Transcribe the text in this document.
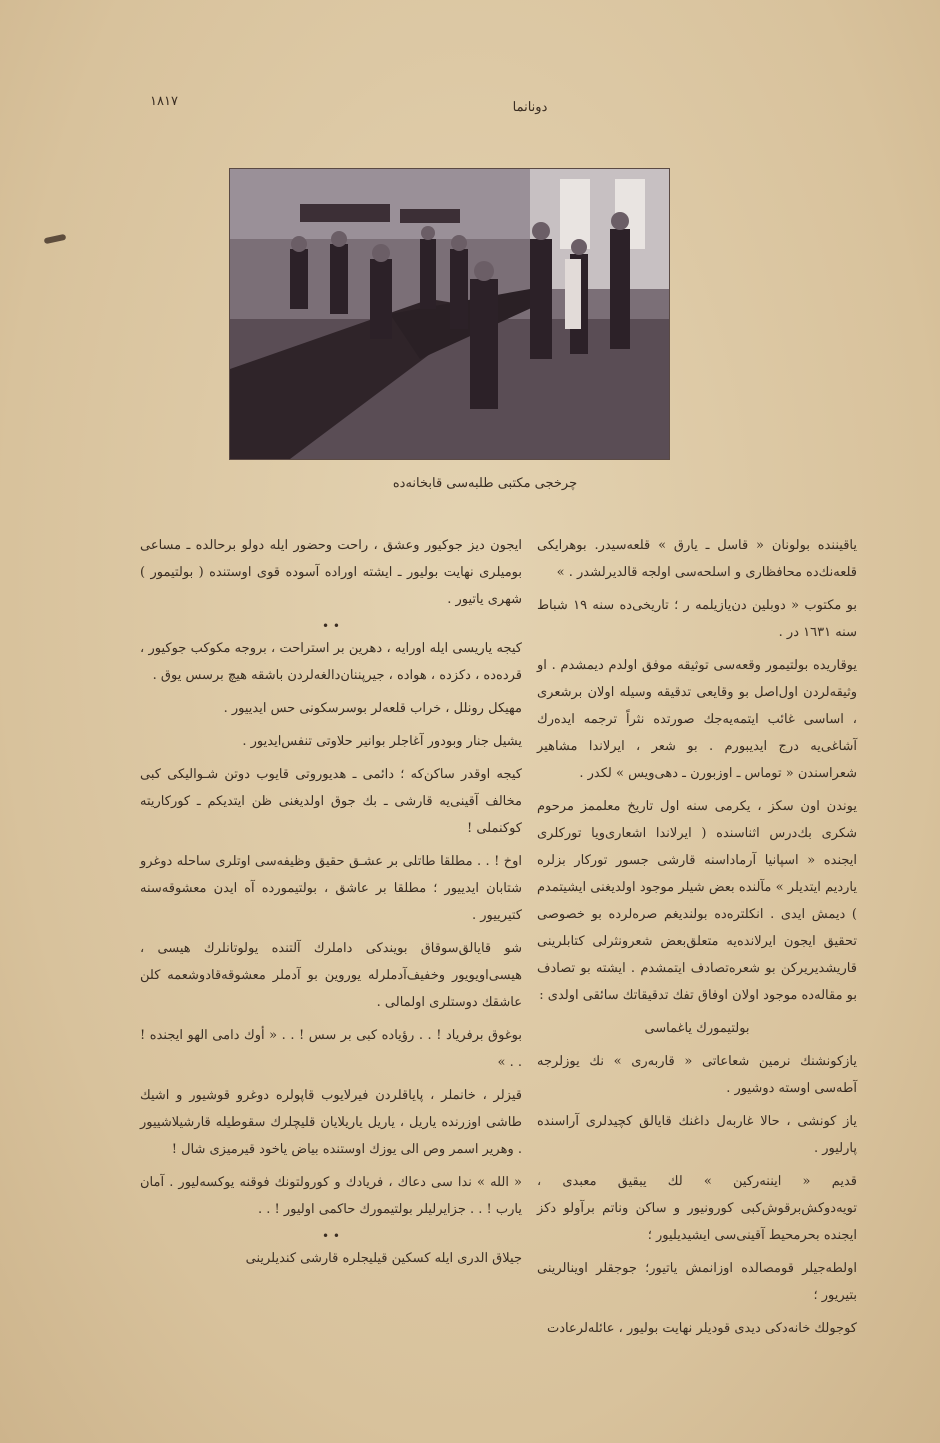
١٨١٧	دونانما
چرخجی مکتبی طلبه‌سی قابخانه‌ده

یاقیننده بولونان « قاسل ـ یارق » قلعه‌سیدر. بوهرایکی قلعه‌نك‌ده محافظاری و اسلحه‌سی اولجه قالدیرلشدر . »

بو مکتوب « دوبلین دن‌یازیلمه ر ؛ تاریخی‌ده سنه ۱۹ شباط سنه ۱٦٣١ در .

یوقاریده بولتیمور وقعه‌سی توثیقه موفق اولدم دیمشدم . او وثیقه‌لردن اول‌اصل بو وقایعی تدقیقه وسیله اولان برشعری ، اساسی غائب ایتمه‌یه‌جك صورتده نثراً ترجمه ایده‌رك آشاغی‌یه درج ایدیبورم . بو شعر ، ایرلاندا مشاهیر شعراسندن « توماس ـ اوزبورن ـ دهی‌ویس » لكدر .

یوندن اون سکز ، یکرمی سنه اول تاریخ معلممز مرحوم شکری بك‌درس اثناسنده ( ایرلاندا اشعاری‌ویا تورکلری ایجنده « اسپانیا آرماداسنه قارشی جسور تورکار بزلره یاردیم ایتدیلر » مآلنده بعض شیلر موجود اولدیغنی ایشیتمدم ) دیمش ایدی . انکلتره‌ده بولندیغم صره‌لرده بو خصوصی تحقیق ایجون ایرلانده‌یه متعلق‌بعض شعرونثرلی کتابلرینی قاریشدیریرکن بو شعره‌تصادف ایتمشدم . ایشته بو تصادف بو مقاله‌ده موجود اولان اوفاق تفك تدقیقاتك سائقی اولدی :

بولتیمورك یاغماسی

یازکونشنك نرمین شعاعاتی « قاربه‌ری » نك یوزلرجه آطه‌سی اوسته دوشیور .

یاز کونشی ، حالا غاربه‌ل داغنك قایالق کچیدلری آراسنده پارلیور .

قدیم « ایننه‌رکین » لك یبقیق معبدی ، تویه‌دوکش‌برقوش‌کبی کورونیور و ساکن وناتم برآولو دکز ایجنده بحرمحیط آقینی‌سی ایشیدیلیور ؛

اولطه‌جیلر قومصالده اوزانمش یاتیور؛ جوجقلر اوینالرینی بتیریور ؛

کوجولك خانه‌دکی دیدی قودیلر نهایت بولیور ، عائله‌لرعادت

ایجون دیز جوکیور وعشق ، راحت وحضور ایله دولو برحالده ـ مساعی بومیلری نهایت بولیور ـ ایشته اوراده آسوده قوی اوستنده ( بولتیمور ) شهری یاتیور .

• •

کیجه یاریسی ایله اورایه ، دهرین بر استراحت ، بروجه مکوکب جوکیور ، قرده‌ده ، دکزده ، هواده ، جیرپننان‌دالغه‌لردن باشقه هیچ برسس یوق .

مهیکل رونلل ، خراب قلعه‌لر بوسرسکونی حس ایدییور .

یشیل جنار وبودور آغاجلر بوانیر حلاوتی تنفس‌ایدیور .

کیجه اوقدر ساکن‌که ؛ دائمی ـ هدیوروتی قایوب دوتن شـوالیکی کبی مخالف آقینی‌یه قارشی ـ بك جوق اولدیغنی ظن ایتدیکم ـ کورکاریته کوکنملی !

اوخ ! . . مطلقا طاتلی بر عشـق حقیق وظیفه‌سی اوتلری ساحله دوغرو شتابان ایدییور ؛ مطلقا بر عاشق ، بولتیمورده آه ایدن معشوقه‌سنه کتیرییور .

شو قایالق‌سوقاق بویندکی داملرك آلتنده یولوتانلرك هیسی ، هیسی‌اویویور وخفیف‌آدملرله یوروین بو آدملر معشوقه‌قادوشعمه کلن عاشقك دوستلری اولمالی .

بوغوق برفریاد ! . . رؤیاده کبی بر سس ! . . « أوك دامی الهو ایجنده ! . . »

قیزلر ، خانملر ، پایاقلردن فیرلایوب قاپولره دوغرو قوشیور و اشیك طاشی اوزرنده یاریل ، یاریل یاریلایان قلیچلرك سقوطیله قارشیلاشییور . وهریر اسمر وص الی یوزك اوستنده بیاض یاخود قیرمیزی شال !

« الله » ندا سی دعاك ، فریادك و کورولتونك فوقنه یوکسه‌لیور . آمان یارب ! . . جزایرلیلر بولتیمورك حاکمی اولیور ! . .

• •

جیلاق الدری ایله کسکین قیلیجلره قارشی کندیلرینی
